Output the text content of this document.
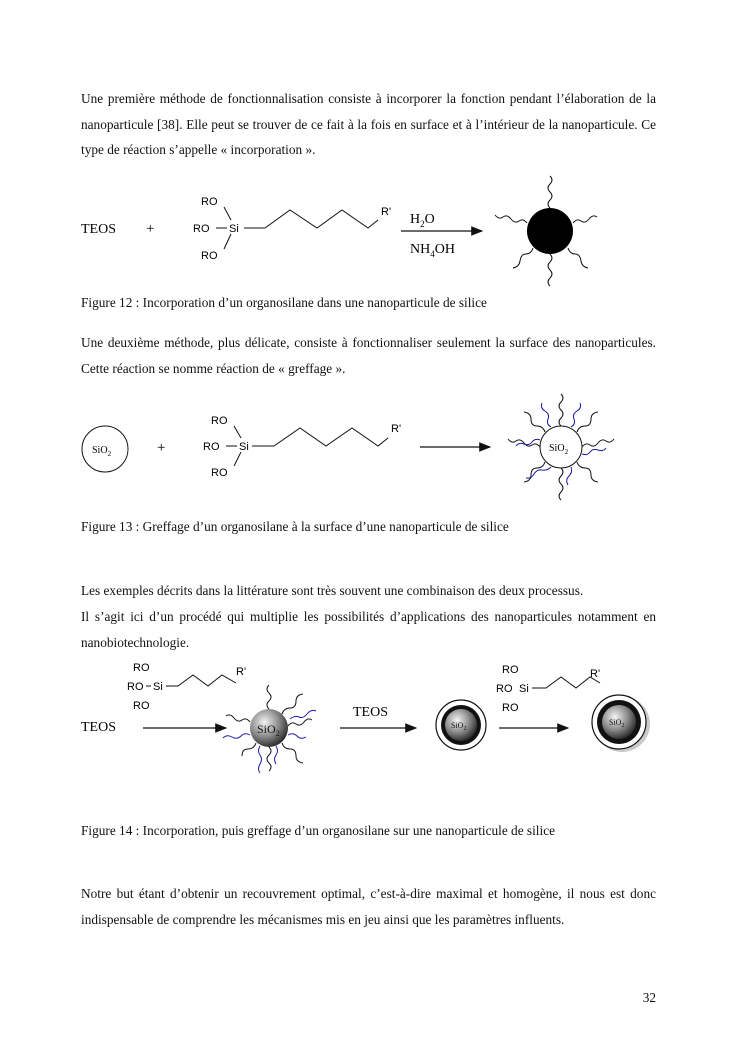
Une première méthode de fonctionnalisation consiste à incorporer la fonction pendant l’élaboration de la nanoparticule [38]. Elle peut se trouver de ce fait à la fois en surface et à l’intérieur de la nanoparticule. Ce type de réaction s’appelle « incorporation ».

TEOS +
RO
RO
RO
Si
R' $H_2O$
$NH_4OH$

Figure 12 : Incorporation d’un organosilane dans une nanoparticule de silice

Une deuxième méthode, plus délicate, consiste à fonctionnaliser seulement la surface des nanoparticules. Cette réaction se nomme réaction de « greffage ».

SiO$_2$	+
RO
RO
RO
Si
R'
SiO$_2$

Figure 13 : Greffage d’un organosilane à la surface d’une nanoparticule de silice

Les exemples décrits dans la littérature sont très souvent une combinaison des deux processus.

Il s’agit ici d’un procédé qui multiplie les possibilités d’applications des nanoparticules notamment en nanobiotechnologie.

RO
RO
RO
Si
R'
TEOS	SiO$_2$
TEOS
SiO$_2$
RO
RO
RO
Si
R'
SiO$_2$

Figure 14 : Incorporation, puis greffage d’un organosilane sur une nanoparticule de silice

Notre but étant d’obtenir un recouvrement optimal, c’est-à-dire maximal et homogène, il nous est donc indispensable de comprendre les mécanismes mis en jeu ainsi que les paramètres influents.

32
